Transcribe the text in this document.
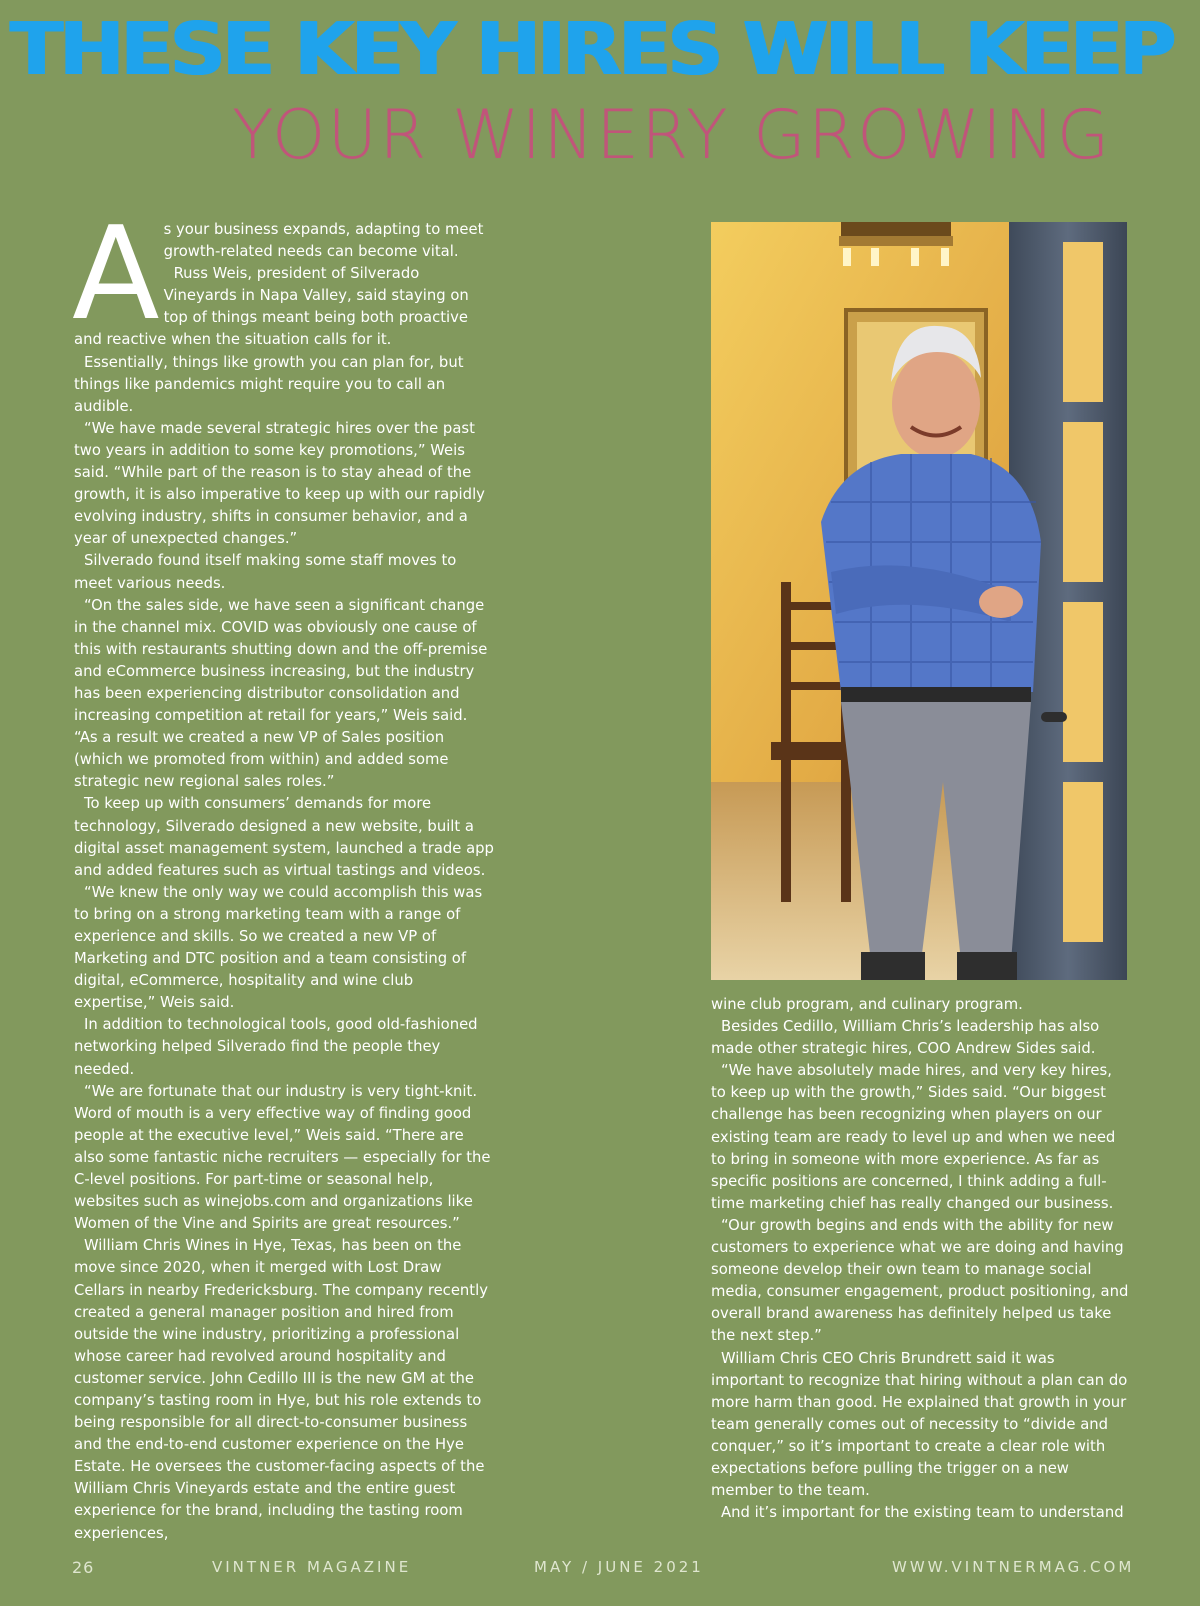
THESE KEY HIRES WILL KEEP
YOUR WINERY GROWING
A s your business expands, adapting to meet growth-related needs can become vital.

Russ Weis, president of Silverado Vineyards in Napa Valley, said staying on top of things meant being both proactive and reactive when the situation calls for it.

Essentially, things like growth you can plan for, but things like pandemics might require you to call an audible.

“We have made several strategic hires over the past two years in addition to some key promotions,” Weis said. “While part of the reason is to stay ahead of the growth, it is also imperative to keep up with our rapidly evolving industry, shifts in consumer behavior, and a year of unexpected changes.”

Silverado found itself making some staff moves to meet various needs.

“On the sales side, we have seen a significant change in the channel mix. COVID was obviously one cause of this with restaurants shutting down and the off-premise and eCommerce business increasing, but the industry has been experiencing distributor consolidation and increasing competition at retail for years,” Weis said. “As a result we created a new VP of Sales position (which we promoted from within) and added some strategic new regional sales roles.”

To keep up with consumers’ demands for more technology, Silverado designed a new website, built a digital asset management system, launched a trade app and added features such as virtual tastings and videos.

“We knew the only way we could accomplish this was to bring on a strong marketing team with a range of experience and skills. So we created a new VP of Marketing and DTC position and a team consisting of digital, eCommerce, hospitality and wine club expertise,” Weis said.

In addition to technological tools, good old-fashioned networking helped Silverado find the people they needed.

“We are fortunate that our industry is very tight-knit. Word of mouth is a very effective way of finding good people at the executive level,” Weis said. “There are also some fantastic niche recruiters — especially for the C-level positions. For part-time or seasonal help, websites such as winejobs.com and organizations like Women of the Vine and Spirits are great resources.”

William Chris Wines in Hye, Texas, has been on the move since 2020, when it merged with Lost Draw Cellars in nearby Fredericksburg. The company recently created a general manager position and hired from outside the wine industry, prioritizing a professional whose career had revolved around hospitality and customer service. John Cedillo III is the new GM at the company’s tasting room in Hye, but his role extends to being responsible for all direct-to-consumer business and the end-to-end customer experience on the Hye Estate. He oversees the customer-facing aspects of the William Chris Vineyards estate and the entire guest experience for the brand, including the tasting room experiences,

wine club program, and culinary program.

Besides Cedillo, William Chris’s leadership has also made other strategic hires, COO Andrew Sides said.

“We have absolutely made hires, and very key hires, to keep up with the growth,” Sides said. “Our biggest challenge has been recognizing when players on our existing team are ready to level up and when we need to bring in someone with more experience. As far as specific positions are concerned, I think adding a full-time marketing chief has really changed our business.

“Our growth begins and ends with the ability for new customers to experience what we are doing and having someone develop their own team to manage social media, consumer engagement, product positioning, and overall brand awareness has definitely helped us take the next step.”

William Chris CEO Chris Brundrett said it was important to recognize that hiring without a plan can do more harm than good. He explained that growth in your team generally comes out of necessity to “divide and conquer,” so it’s important to create a clear role with expectations before pulling the trigger on a new member to the team.

And it’s important for the existing team to understand

26	VINTNER MAGAZINE	MAY / JUNE 2021	WWW.VINTNERMAG.COM
